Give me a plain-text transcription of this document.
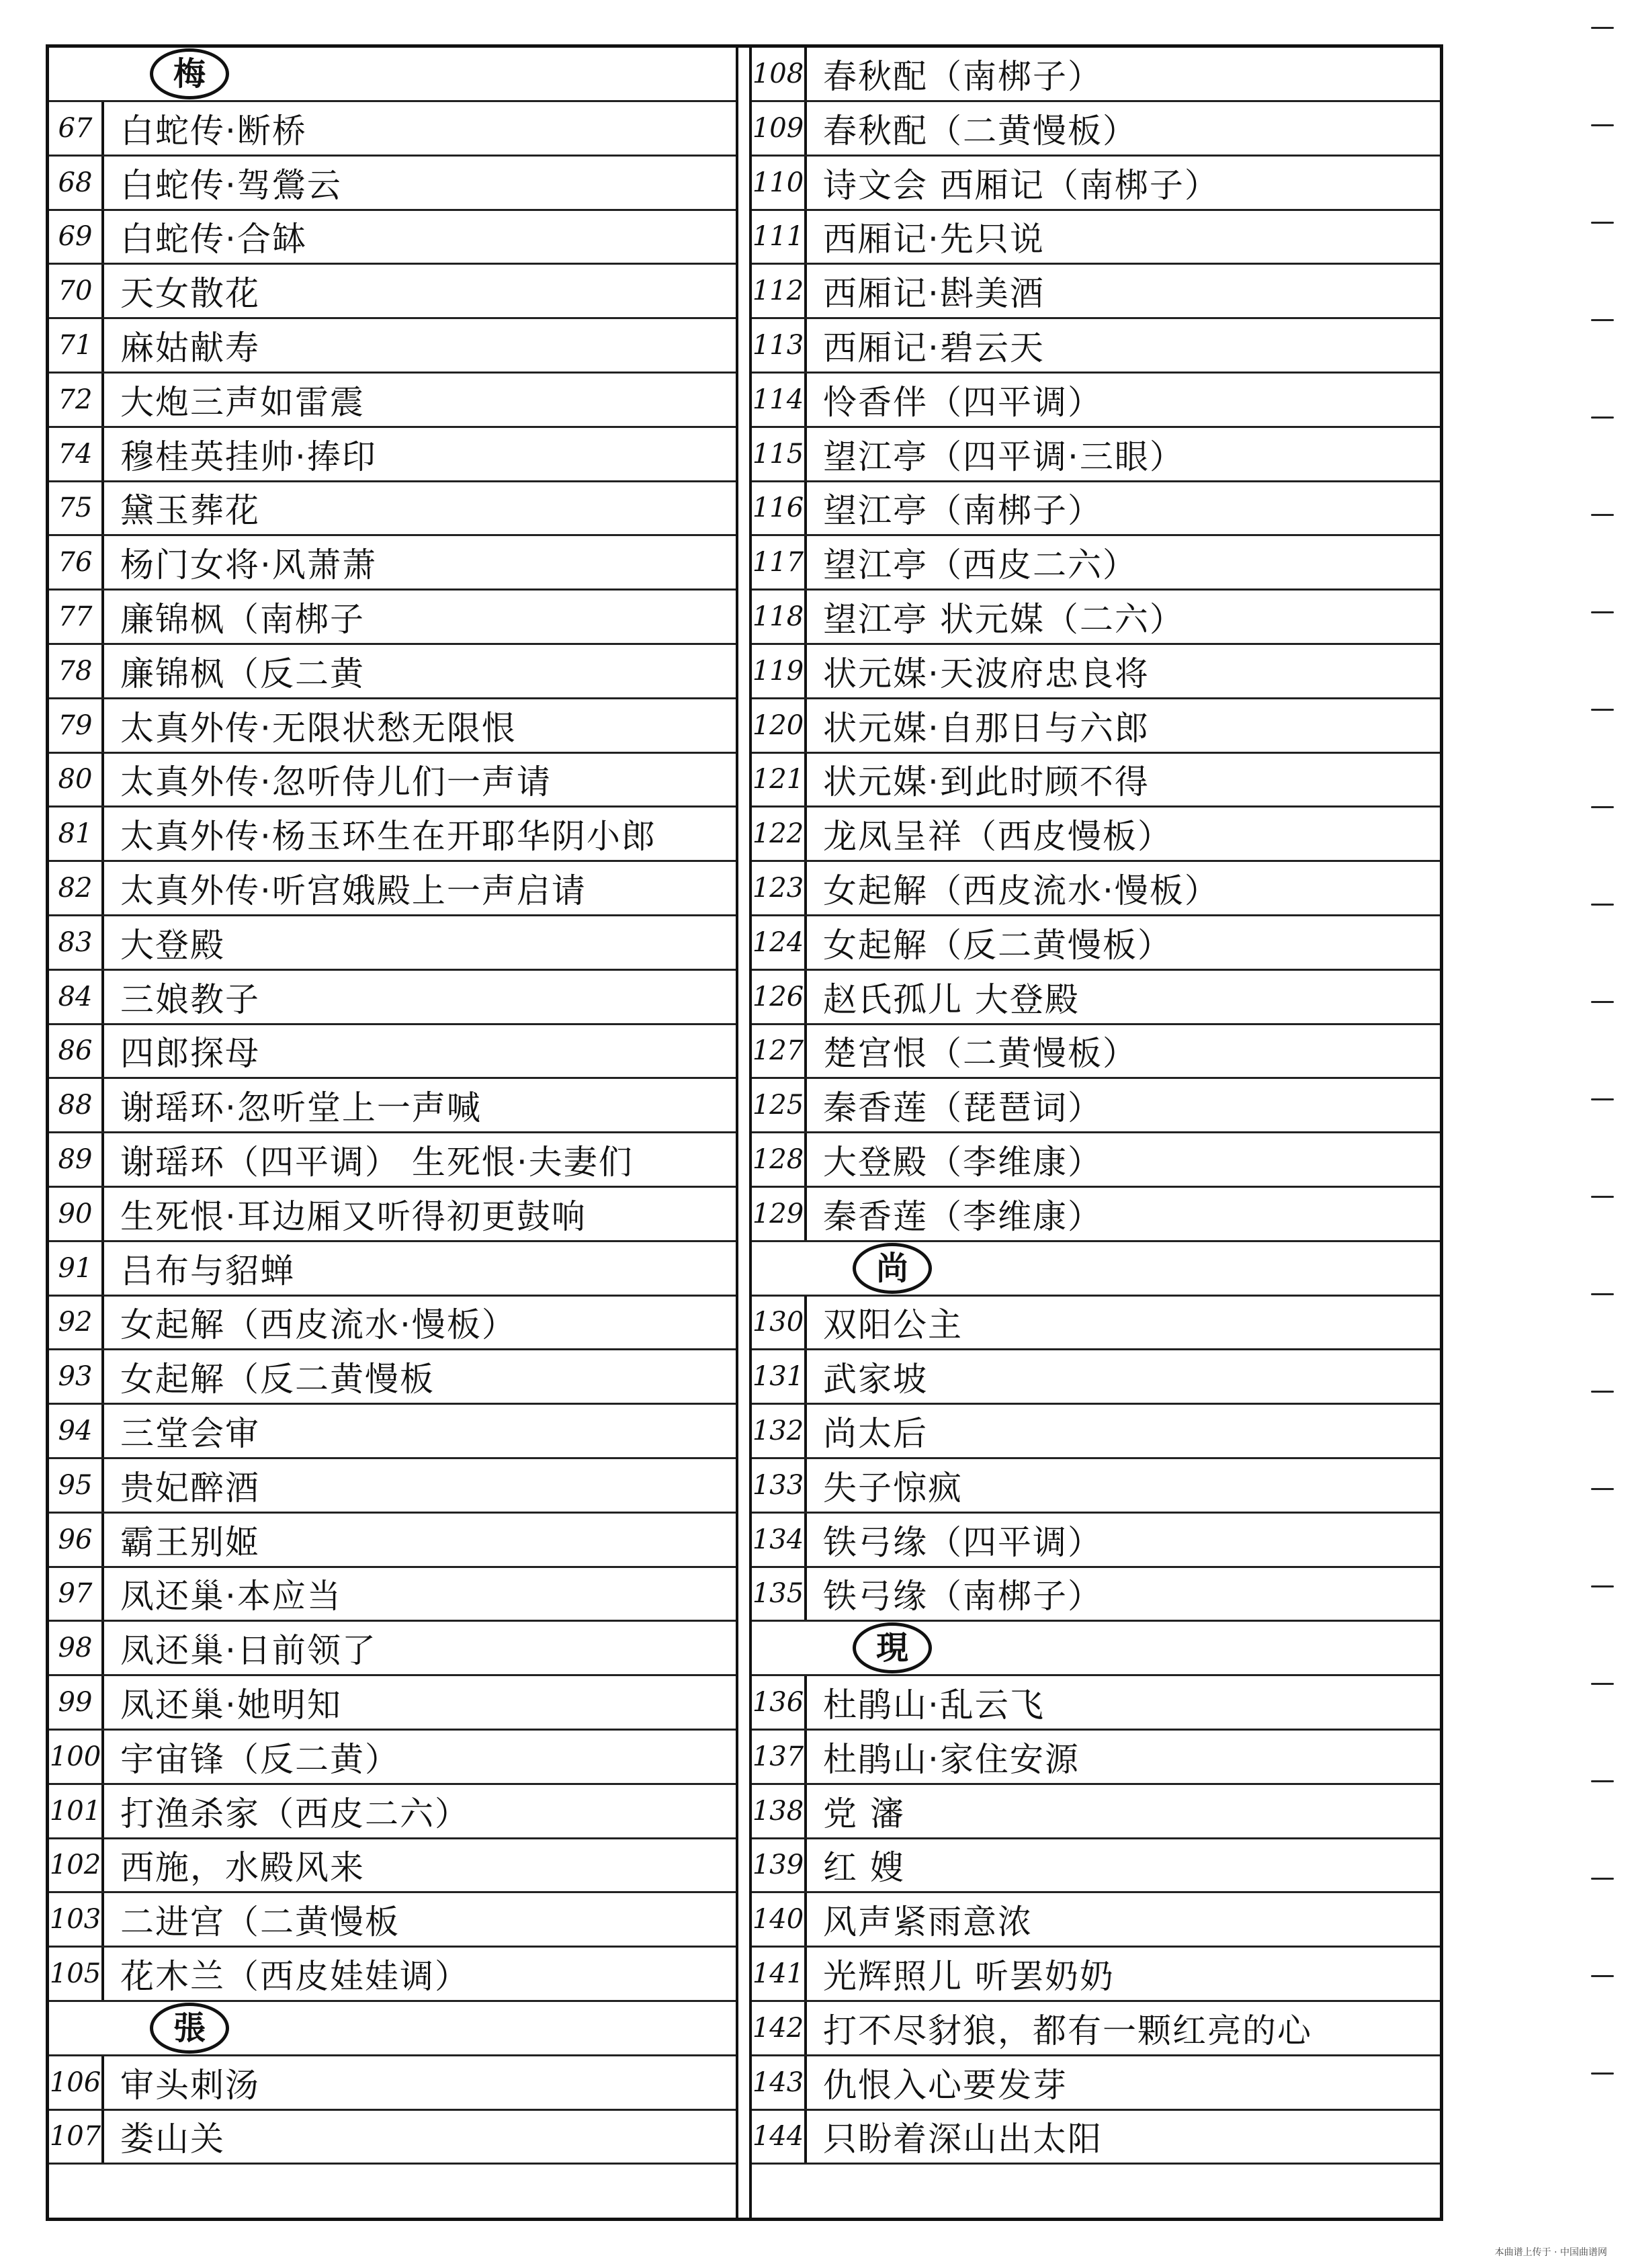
梅
67 白蛇传·断桥
68 白蛇传·驾鶯云
69 白蛇传·合缽
70 天女散花
71 麻姑献寿
72 大炮三声如雷震
74 穆桂英挂帅·捧印
75 黛玉葬花
76 杨门女将·风萧萧
77 廉锦枫（南梆子
78 廉锦枫（反二黄
79 太真外传·无限状愁无限恨
80 太真外传·忽听侍儿们一声请
81 太真外传·杨玉环生在开耶华阴小郎
82 太真外传·听宫娥殿上一声启请
83 大登殿
84 三娘教子
86 四郎探母
88 谢瑶环·忽听堂上一声喊
89 谢瑶环（四平调） 生死恨·夫妻们
90 生死恨·耳边厢又听得初更鼓响
91 吕布与貂蝉
92 女起解（西皮流水·慢板）
93 女起解（反二黄慢板
94 三堂会审
95 贵妃醉酒
96 霸王别姬
97 凤还巢·本应当
98 凤还巢·日前领了
99 凤还巢·她明知
100 宇宙锋（反二黄）
101 打渔杀家（西皮二六）
102 西施，水殿风来
103 二进宫（二黄慢板
105 花木兰（西皮娃娃调）
張
106 审头刺汤
107 娄山关
108 春秋配（南梆子）
109 春秋配（二黄慢板）
110 诗文会 西厢记（南梆子）
111 西厢记·先只说
112 西厢记·斟美酒
113 西厢记·碧云天
114 怜香伴（四平调）
115 望江亭（四平调·三眼）
116 望江亭（南梆子）
117 望江亭（西皮二六）
118 望江亭 状元媒（二六）
119 状元媒·天波府忠良将
120 状元媒·自那日与六郎
121 状元媒·到此时顾不得
122 龙凤呈祥（西皮慢板）
123 女起解（西皮流水·慢板）
124 女起解（反二黄慢板）
126 赵氏孤儿 大登殿
127 楚宫恨（二黄慢板）
125 秦香莲（琵琶词）
128 大登殿（李维康）
129 秦香莲（李维康）
尚
130 双阳公主
131 武家坡
132 尚太后
133 失子惊疯
134 铁弓缘（四平调）
135 铁弓缘（南梆子）
現
136 杜鹃山·乱云飞
137 杜鹃山·家住安源
138 党 瀋
139 红 嫂
140 风声紧雨意浓
141 光辉照儿 听罢奶奶
142 打不尽豺狼，都有一颗红亮的心
143 仇恨入心要发芽
144 只盼着深山出太阳
本曲谱上传于 · 中国曲谱网
